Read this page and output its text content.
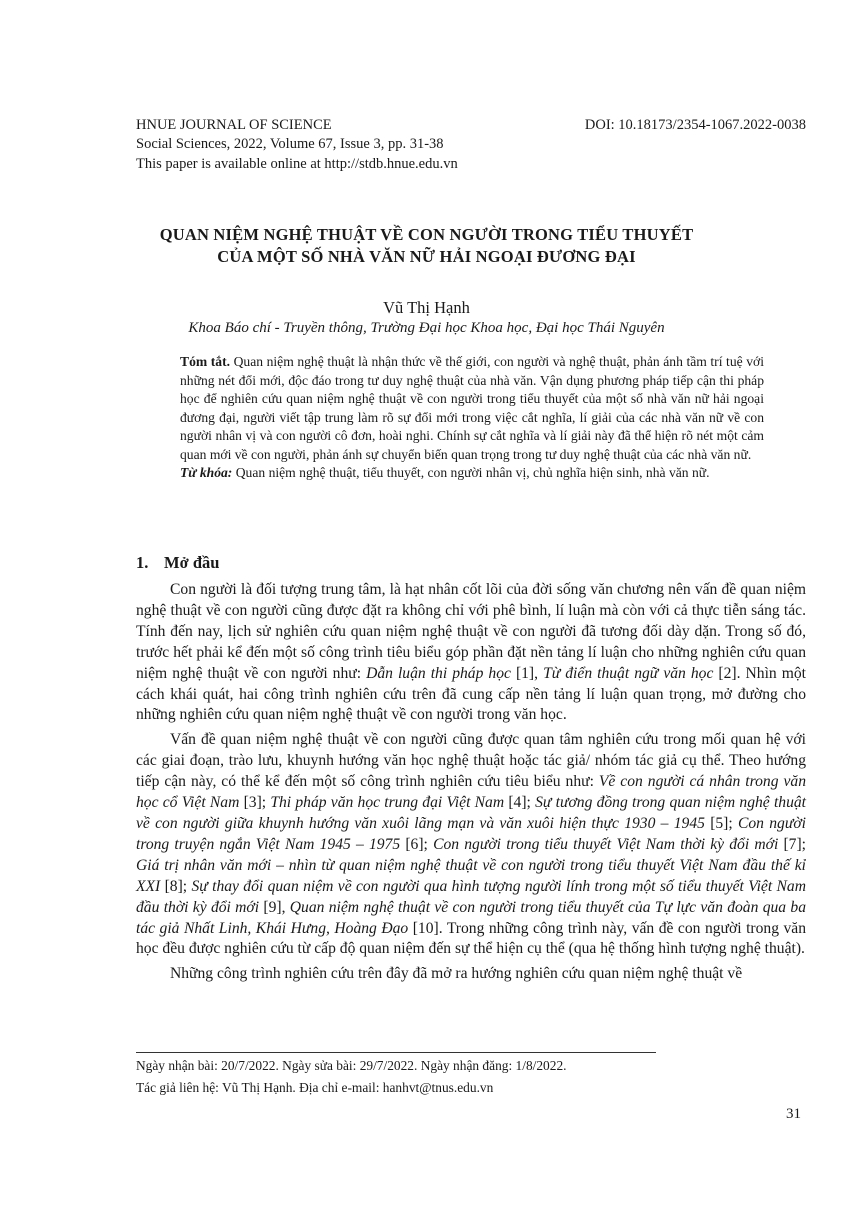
HNUE JOURNAL OF SCIENCE	DOI: 10.18173/2354-1067.2022-0038
Social Sciences, 2022, Volume 67, Issue 3, pp. 31-38
This paper is available online at http://stdb.hnue.edu.vn
QUAN NIỆM NGHỆ THUẬT VỀ CON NGƯỜI TRONG TIỂU THUYẾT
CỦA MỘT SỐ NHÀ VĂN NỮ HẢI NGOẠI ĐƯƠNG ĐẠI
Vũ Thị Hạnh
Khoa Báo chí - Truyền thông, Trường Đại học Khoa học, Đại học Thái Nguyên

Tóm tắt. Quan niệm nghệ thuật là nhận thức về thế giới, con người và nghệ thuật, phản ánh tầm trí tuệ với những nét đổi mới, độc đáo trong tư duy nghệ thuật của nhà văn. Vận dụng phương pháp tiếp cận thi pháp học để nghiên cứu quan niệm nghệ thuật về con người trong tiểu thuyết của một số nhà văn nữ hải ngoại đương đại, người viết tập trung làm rõ sự đổi mới trong việc cắt nghĩa, lí giải của các nhà văn nữ về con người nhân vị và con người cô đơn, hoài nghi. Chính sự cắt nghĩa và lí giải này đã thể hiện rõ nét một cảm quan mới về con người, phản ánh sự chuyển biến quan trọng trong tư duy nghệ thuật của các nhà văn nữ.

Từ khóa: Quan niệm nghệ thuật, tiểu thuyết, con người nhân vị, chủ nghĩa hiện sinh, nhà văn nữ.

1. Mở đầu

Con người là đối tượng trung tâm, là hạt nhân cốt lõi của đời sống văn chương nên vấn đề quan niệm nghệ thuật về con người cũng được đặt ra không chỉ với phê bình, lí luận mà còn với cả thực tiễn sáng tác. Tính đến nay, lịch sử nghiên cứu quan niệm nghệ thuật về con người đã tương đối dày dặn. Trong số đó, trước hết phải kể đến một số công trình tiêu biểu góp phần đặt nền tảng lí luận cho những nghiên cứu quan niệm nghệ thuật về con người như: Dẫn luận thi pháp học [1], Từ điển thuật ngữ văn học [2]. Nhìn một cách khái quát, hai công trình nghiên cứu trên đã cung cấp nền tảng lí luận quan trọng, mở đường cho những nghiên cứu quan niệm nghệ thuật về con người trong văn học.

Vấn đề quan niệm nghệ thuật về con người cũng được quan tâm nghiên cứu trong mối quan hệ với các giai đoạn, trào lưu, khuynh hướng văn học nghệ thuật hoặc tác giả/ nhóm tác giả cụ thể. Theo hướng tiếp cận này, có thể kể đến một số công trình nghiên cứu tiêu biểu như: Về con người cá nhân trong văn học cổ Việt Nam [3]; Thi pháp văn học trung đại Việt Nam [4]; Sự tương đồng trong quan niệm nghệ thuật về con người giữa khuynh hướng văn xuôi lãng mạn và văn xuôi hiện thực 1930 – 1945 [5]; Con người trong truyện ngắn Việt Nam 1945 – 1975 [6]; Con người trong tiểu thuyết Việt Nam thời kỳ đổi mới [7]; Giá trị nhân văn mới – nhìn từ quan niệm nghệ thuật về con người trong tiểu thuyết Việt Nam đầu thế kỉ XXI [8]; Sự thay đổi quan niệm về con người qua hình tượng người lính trong một số tiểu thuyết Việt Nam đầu thời kỳ đổi mới [9], Quan niệm nghệ thuật về con người trong tiểu thuyết của Tự lực văn đoàn qua ba tác giả Nhất Linh, Khái Hưng, Hoàng Đạo [10]. Trong những công trình này, vấn đề con người trong văn học đều được nghiên cứu từ cấp độ quan niệm đến sự thể hiện cụ thể (qua hệ thống hình tượng nghệ thuật).

Những công trình nghiên cứu trên đây đã mở ra hướng nghiên cứu quan niệm nghệ thuật về

Ngày nhận bài: 20/7/2022. Ngày sửa bài: 29/7/2022. Ngày nhận đăng: 1/8/2022.
Tác giả liên hệ: Vũ Thị Hạnh. Địa chỉ e-mail: hanhvt@tnus.edu.vn
31
